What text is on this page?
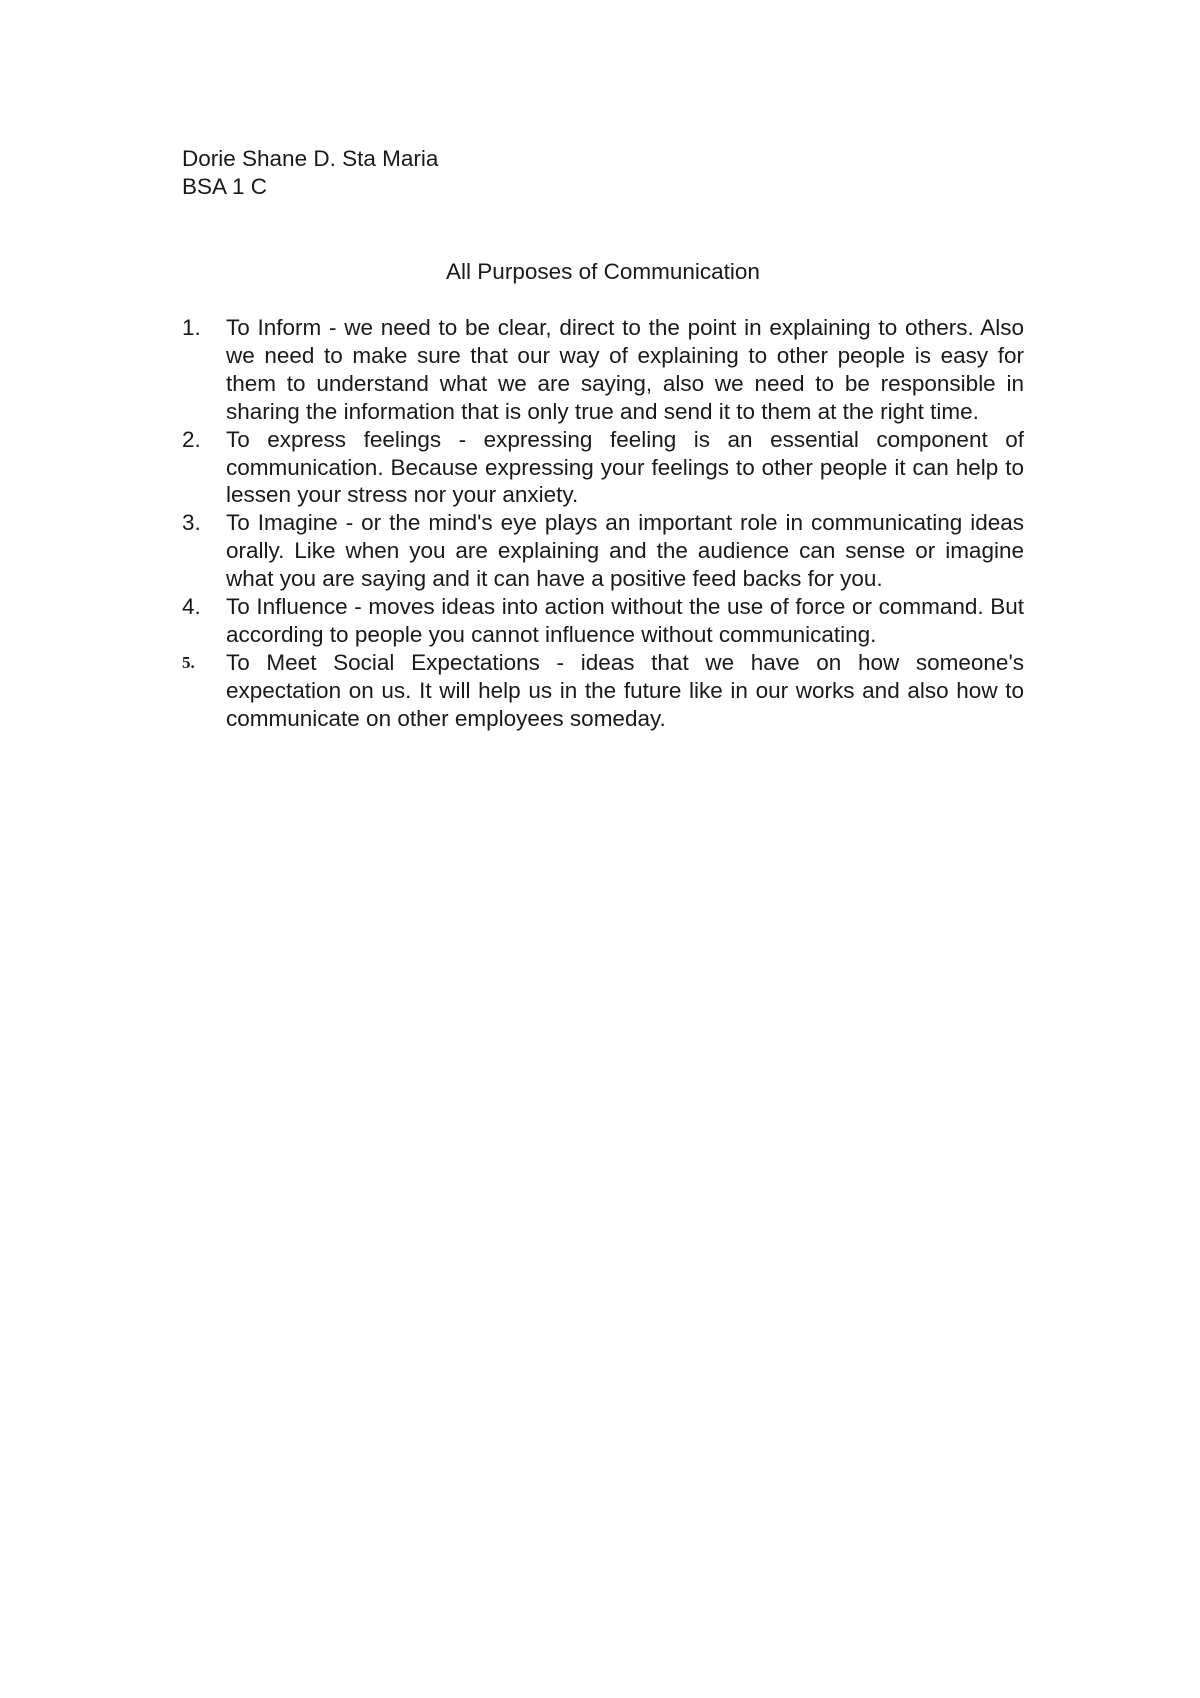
Dorie Shane D. Sta Maria
BSA 1 C
All Purposes of Communication
1. To Inform - we need to be clear, direct to the point in explaining to others. Also we need to make sure that our way of explaining to other people is easy for them to understand what we are saying, also we need to be responsible in sharing the information that is only true and send it to them at the right time.
2. To express feelings - expressing feeling is an essential component of communication. Because expressing your feelings to other people it can help to lessen your stress nor your anxiety.
3. To Imagine - or the mind's eye plays an important role in communicating ideas orally. Like when you are explaining and the audience can sense or imagine what you are saying and it can have a positive feed backs for you.
4. To Influence - moves ideas into action without the use of force or command. But according to people you cannot influence without communicating.
5. To Meet Social Expectations - ideas that we have on how someone's expectation on us. It will help us in the future like in our works and also how to communicate on other employees someday.
